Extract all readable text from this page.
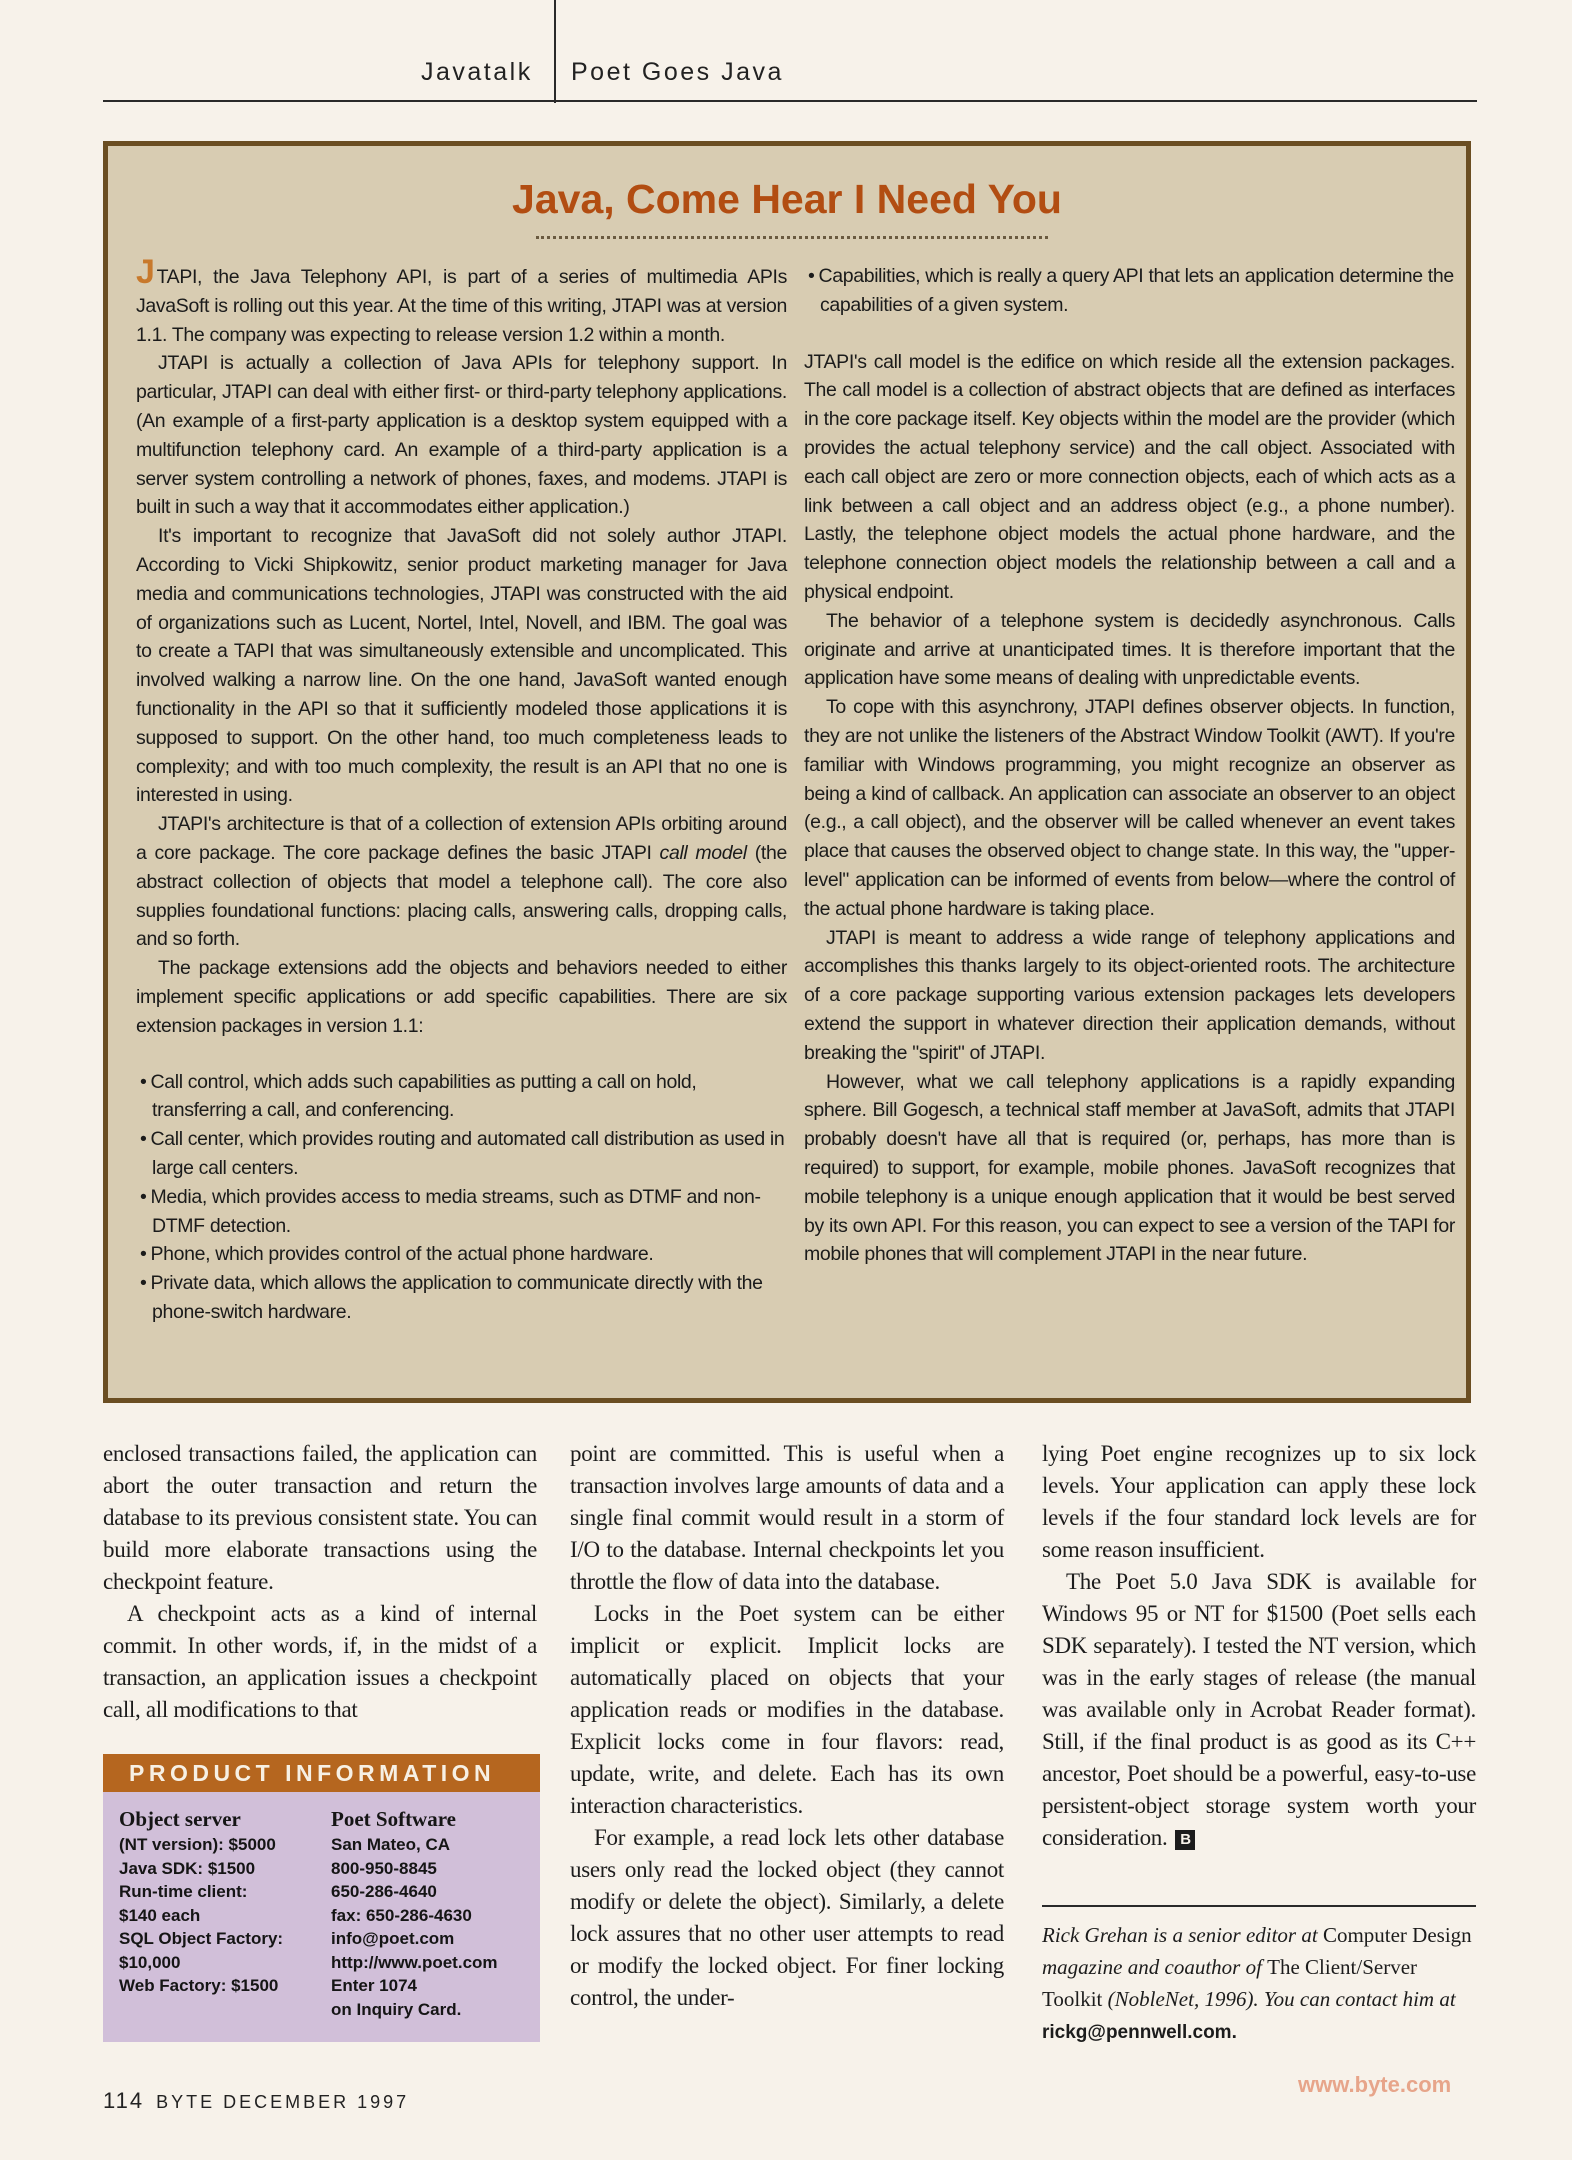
Javatalk Poet Goes Java
Java, Come Hear I Need You

JTAPI, the Java Telephony API, is part of a series of multimedia APIs JavaSoft is rolling out this year. At the time of this writing, JTAPI was at version 1.1. The company was expecting to release version 1.2 within a month.

JTAPI is actually a collection of Java APIs for telephony support. In particular, JTAPI can deal with either first- or third-party telephony applications. (An example of a first-party application is a desktop system equipped with a multifunction telephony card. An example of a third-party application is a server system controlling a network of phones, faxes, and modems. JTAPI is built in such a way that it accommodates either application.)

It's important to recognize that JavaSoft did not solely author JTAPI. According to Vicki Shipkowitz, senior product marketing manager for Java media and communications technologies, JTAPI was constructed with the aid of organizations such as Lucent, Nortel, Intel, Novell, and IBM. The goal was to create a TAPI that was simultaneously extensible and uncomplicated. This involved walking a narrow line. On the one hand, JavaSoft wanted enough functionality in the API so that it sufficiently modeled those applications it is supposed to support. On the other hand, too much completeness leads to complexity; and with too much complexity, the result is an API that no one is interested in using.

JTAPI's architecture is that of a collection of extension APIs orbiting around a core package. The core package defines the basic JTAPI call model (the abstract collection of objects that model a telephone call). The core also supplies foundational functions: placing calls, answering calls, dropping calls, and so forth.

The package extensions add the objects and behaviors needed to either implement specific applications or add specific capabilities. There are six extension packages in version 1.1:

• Call control, which adds such capabilities as putting a call on hold, transferring a call, and conferencing.
• Call center, which provides routing and automated call distribution as used in large call centers.
• Media, which provides access to media streams, such as DTMF and non-DTMF detection.
• Phone, which provides control of the actual phone hardware.
• Private data, which allows the application to communicate directly with the phone-switch hardware.
• Capabilities, which is really a query API that lets an application determine the capabilities of a given system.

JTAPI's call model is the edifice on which reside all the extension packages. The call model is a collection of abstract objects that are defined as interfaces in the core package itself. Key objects within the model are the provider (which provides the actual telephony service) and the call object. Associated with each call object are zero or more connection objects, each of which acts as a link between a call object and an address object (e.g., a phone number). Lastly, the telephone object models the actual phone hardware, and the telephone connection object models the relationship between a call and a physical endpoint.

The behavior of a telephone system is decidedly asynchronous. Calls originate and arrive at unanticipated times. It is therefore important that the application have some means of dealing with unpredictable events.

To cope with this asynchrony, JTAPI defines observer objects. In function, they are not unlike the listeners of the Abstract Window Toolkit (AWT). If you're familiar with Windows programming, you might recognize an observer as being a kind of callback. An application can associate an observer to an object (e.g., a call object), and the observer will be called whenever an event takes place that causes the observed object to change state. In this way, the "upper-level" application can be informed of events from below—where the control of the actual phone hardware is taking place.

JTAPI is meant to address a wide range of telephony applications and accomplishes this thanks largely to its object-oriented roots. The architecture of a core package supporting various extension packages lets developers extend the support in whatever direction their application demands, without breaking the "spirit" of JTAPI.

However, what we call telephony applications is a rapidly expanding sphere. Bill Gogesch, a technical staff member at JavaSoft, admits that JTAPI probably doesn't have all that is required (or, perhaps, has more than is required) to support, for example, mobile phones. JavaSoft recognizes that mobile telephony is a unique enough application that it would be best served by its own API. For this reason, you can expect to see a version of the TAPI for mobile phones that will complement JTAPI in the near future.

enclosed transactions failed, the application can abort the outer transaction and return the database to its previous consistent state. You can build more elaborate transactions using the checkpoint feature.

A checkpoint acts as a kind of internal commit. In other words, if, in the midst of a transaction, an application issues a checkpoint call, all modifications to that

point are committed. This is useful when a transaction involves large amounts of data and a single final commit would result in a storm of I/O to the database. Internal checkpoints let you throttle the flow of data into the database.

Locks in the Poet system can be either implicit or explicit. Implicit locks are automatically placed on objects that your application reads or modifies in the database. Explicit locks come in four flavors: read, update, write, and delete. Each has its own interaction characteristics.

For example, a read lock lets other database users only read the locked object (they cannot modify or delete the object). Similarly, a delete lock assures that no other user attempts to read or modify the locked object. For finer locking control, the under-

lying Poet engine recognizes up to six lock levels. Your application can apply these lock levels if the four standard lock levels are for some reason insufficient.

The Poet 5.0 Java SDK is available for Windows 95 or NT for $1500 (Poet sells each SDK separately). I tested the NT version, which was in the early stages of release (the manual was available only in Acrobat Reader format). Still, if the final product is as good as its C++ ancestor, Poet should be a powerful, easy-to-use persistent-object storage system worth your consideration. B

Rick Grehan is a senior editor at Computer Design magazine and coauthor of The Client/Server Toolkit (NobleNet, 1996). You can contact him at rickg@pennwell.com.
PRODUCT INFORMATION
Object server
(NT version): $5000
Java SDK: $1500
Run-time client:
$140 each
SQL Object Factory:
$10,000
Web Factory: $1500
Poet Software
San Mateo, CA
800-950-8845
650-286-4640
fax: 650-286-4630
info@poet.com
http://www.poet.com
Enter 1074
on Inquiry Card.
114 BYTE DECEMBER 1997
www.byte.com
